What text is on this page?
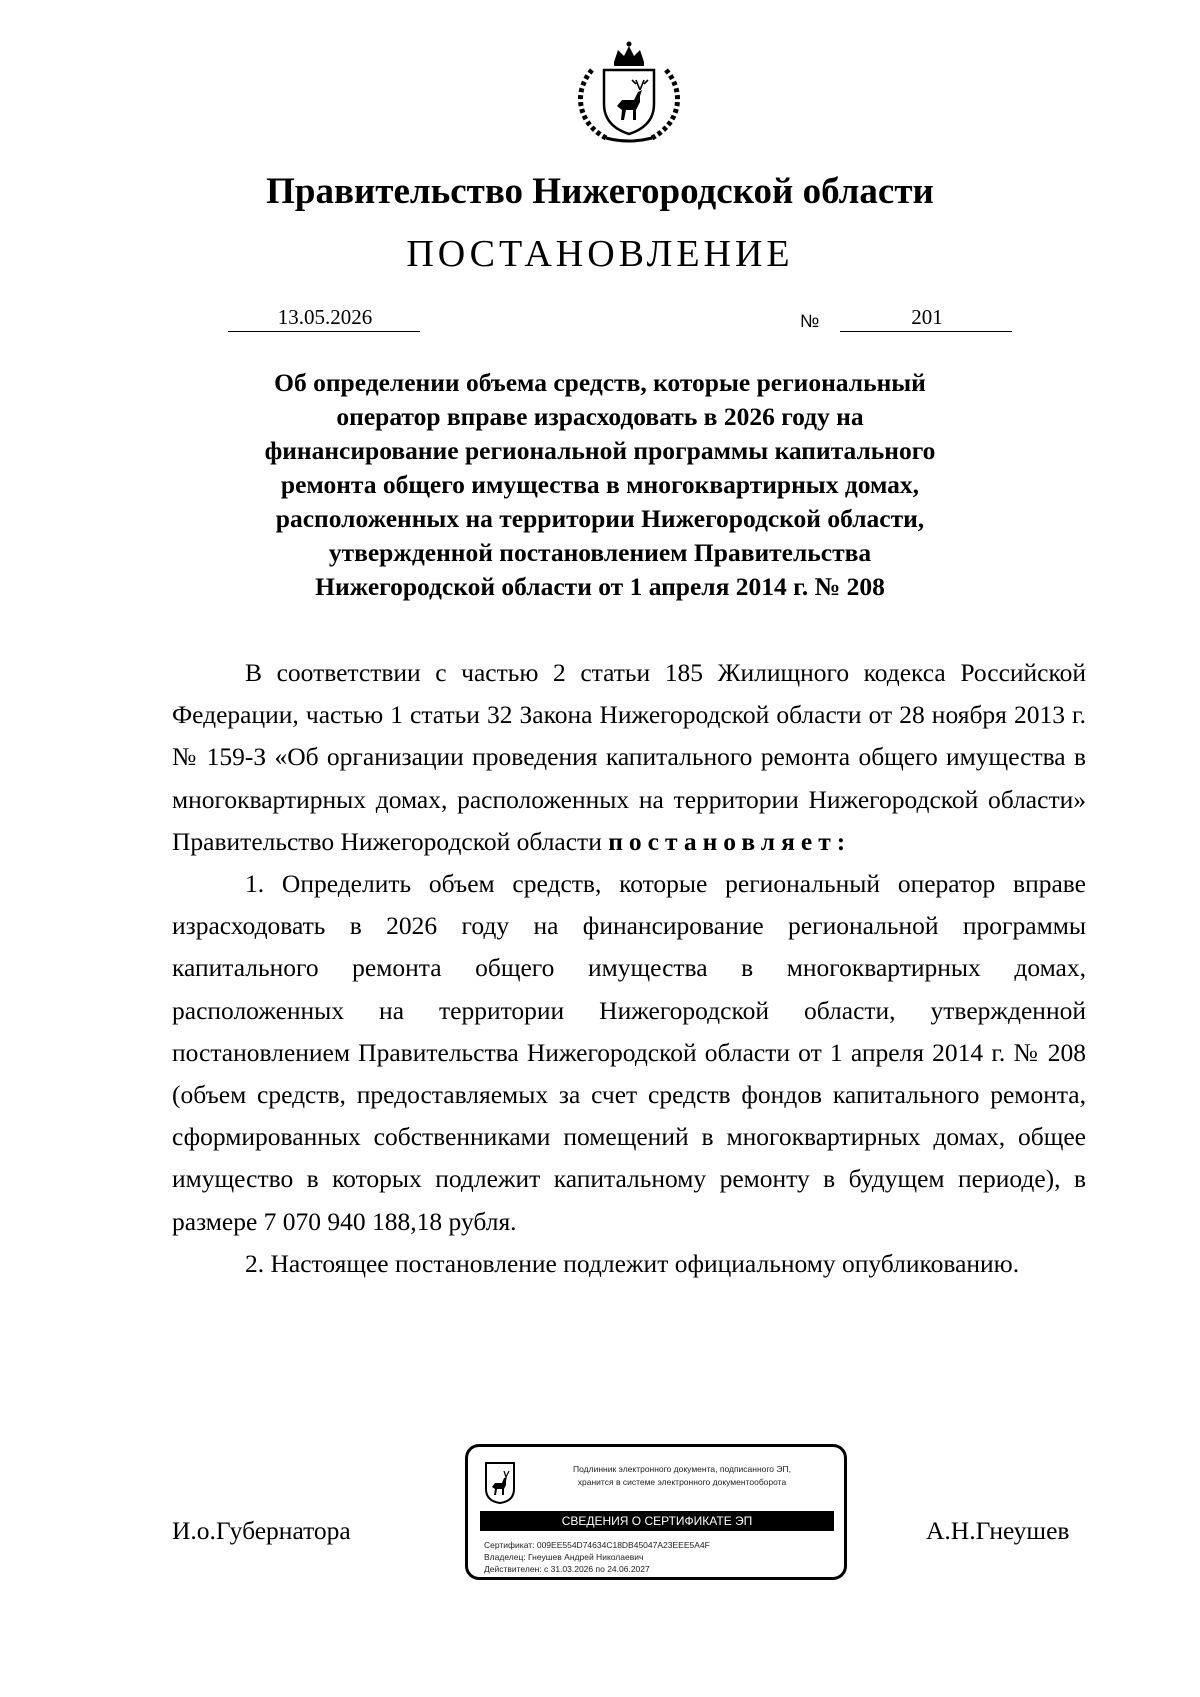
Правительство Нижегородской области
ПОСТАНОВЛЕНИЕ
13.05.2026	№	201
Об определении объема средств, которые региональный
оператор вправе израсходовать в 2026 году на
финансирование региональной программы капитального
ремонта общего имущества в многоквартирных домах,
расположенных на территории Нижегородской области,
утвержденной постановлением Правительства
Нижегородской области от 1 апреля 2014 г. № 208

В соответствии с частью 2 статьи 185 Жилищного кодекса Российской Федерации, частью 1 статьи 32 Закона Нижегородской области от 28 ноября 2013 г. № 159-З «Об организации проведения капитального ремонта общего имущества в многоквартирных домах, расположенных на территории Нижегородской области» Правительство Нижегородской области постановляет:

1. Определить объем средств, которые региональный оператор вправе израсходовать в 2026 году на финансирование региональной программы капитального ремонта общего имущества в многоквартирных домах, расположенных на территории Нижегородской области, утвержденной постановлением Правительства Нижегородской области от 1 апреля 2014 г. № 208 (объем средств, предоставляемых за счет средств фондов капитального ремонта, сформированных собственниками помещений в многоквартирных домах, общее имущество в которых подлежит капитальному ремонту в будущем периоде), в размере 7 070 940 188,18 рубля.

2. Настоящее постановление подлежит официальному опубликованию.

И.о.Губернатора	А.Н.Гнеушев
Подлинник электронного документа, подписанного ЭП,
хранится в системе электронного документооборота
СВЕДЕНИЯ О СЕРТИФИКАТЕ ЭП
Сертификат: 009EE554D74634C18DB45047A23EEE5A4F
Владелец: Гнеушев Андрей Николаевич
Действителен: с 31.03.2026 по 24.06.2027
